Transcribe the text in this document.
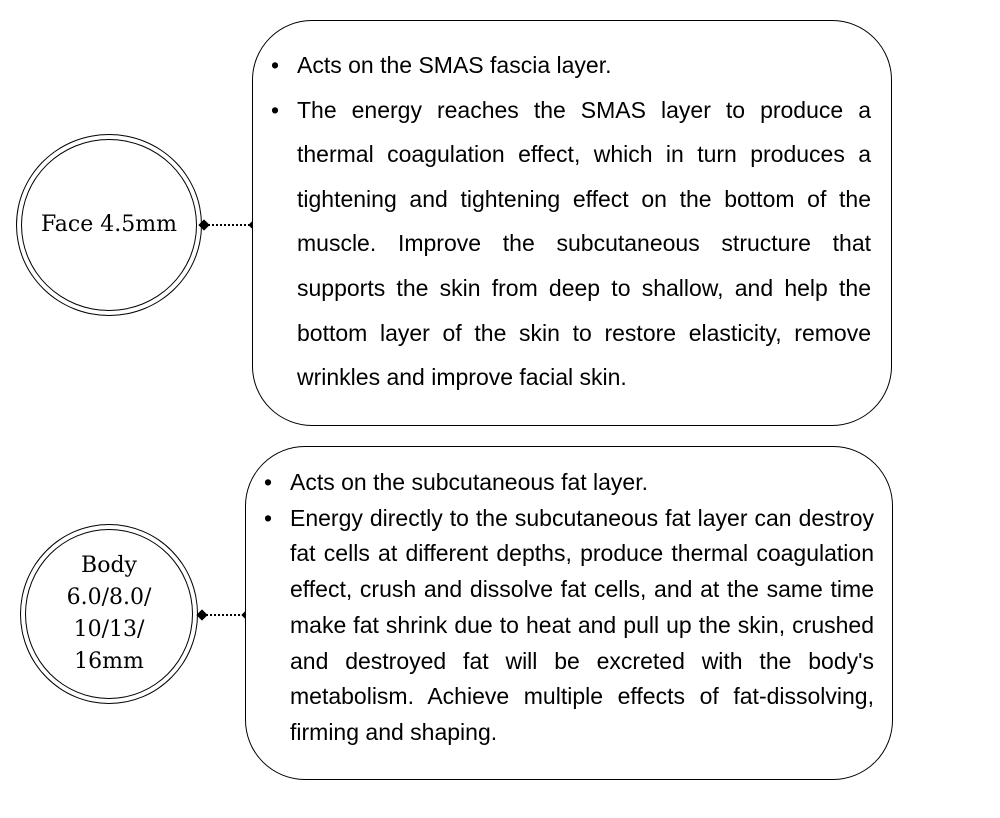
Face 4.5mm
• Acts on the SMAS fascia layer.
• The energy reaches the SMAS layer to produce a thermal coagulation effect, which in turn produces a tightening and tightening effect on the bottom of the muscle. Improve the subcutaneous structure that supports the skin from deep to shallow, and help the bottom layer of the skin to restore elasticity, remove wrinkles and improve facial skin.
Body
6.0/8.0/
10/13/
16mm
• Acts on the subcutaneous fat layer.
• Energy directly to the subcutaneous fat layer can destroy fat cells at different depths, produce thermal coagulation effect, crush and dissolve fat cells, and at the same time make fat shrink due to heat and pull up the skin, crushed and destroyed fat will be excreted with the body's metabolism. Achieve multiple effects of fat-dissolving, firming and shaping.
